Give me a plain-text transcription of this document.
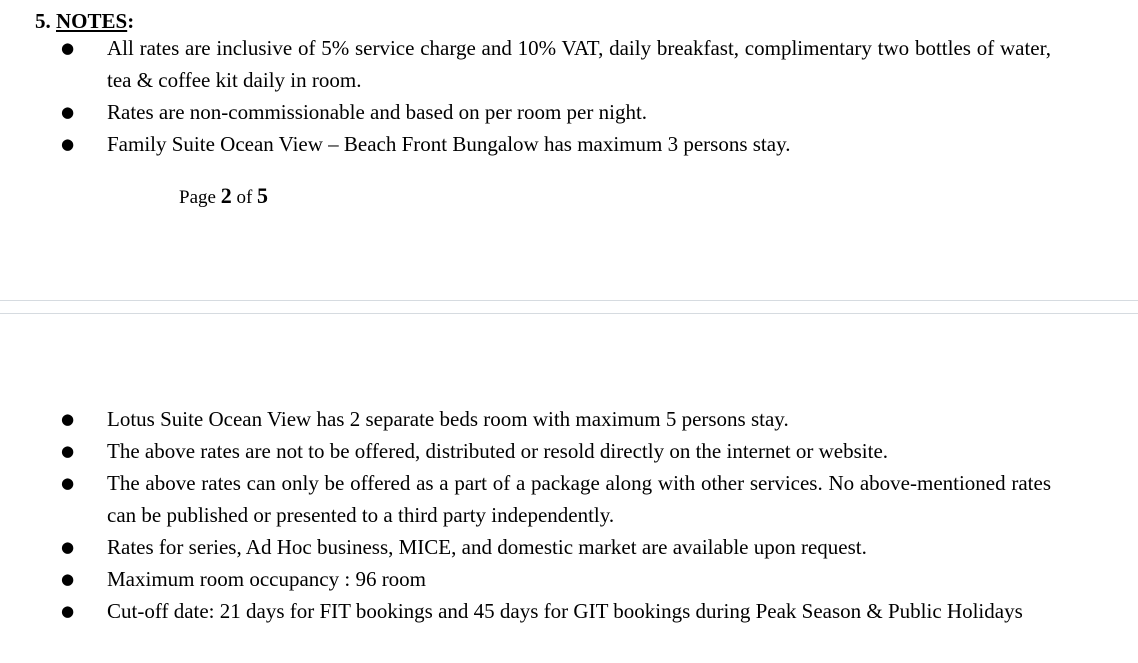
5. NOTES:
● All rates are inclusive of 5% service charge and 10% VAT, daily breakfast, complimentary two bottles of water, tea & coffee kit daily in room.
● Rates are non-commissionable and based on per room per night.
● Family Suite Ocean View – Beach Front Bungalow has maximum 3 persons stay.
Page 2 of 5
● Lotus Suite Ocean View has 2 separate beds room with maximum 5 persons stay.
● The above rates are not to be offered, distributed or resold directly on the internet or website.
● The above rates can only be offered as a part of a package along with other services. No above-mentioned rates can be published or presented to a third party independently.
● Rates for series, Ad Hoc business, MICE, and domestic market are available upon request.
● Maximum room occupancy : 96 room
● Cut-off date: 21 days for FIT bookings and 45 days for GIT bookings during Peak Season & Public Holidays
